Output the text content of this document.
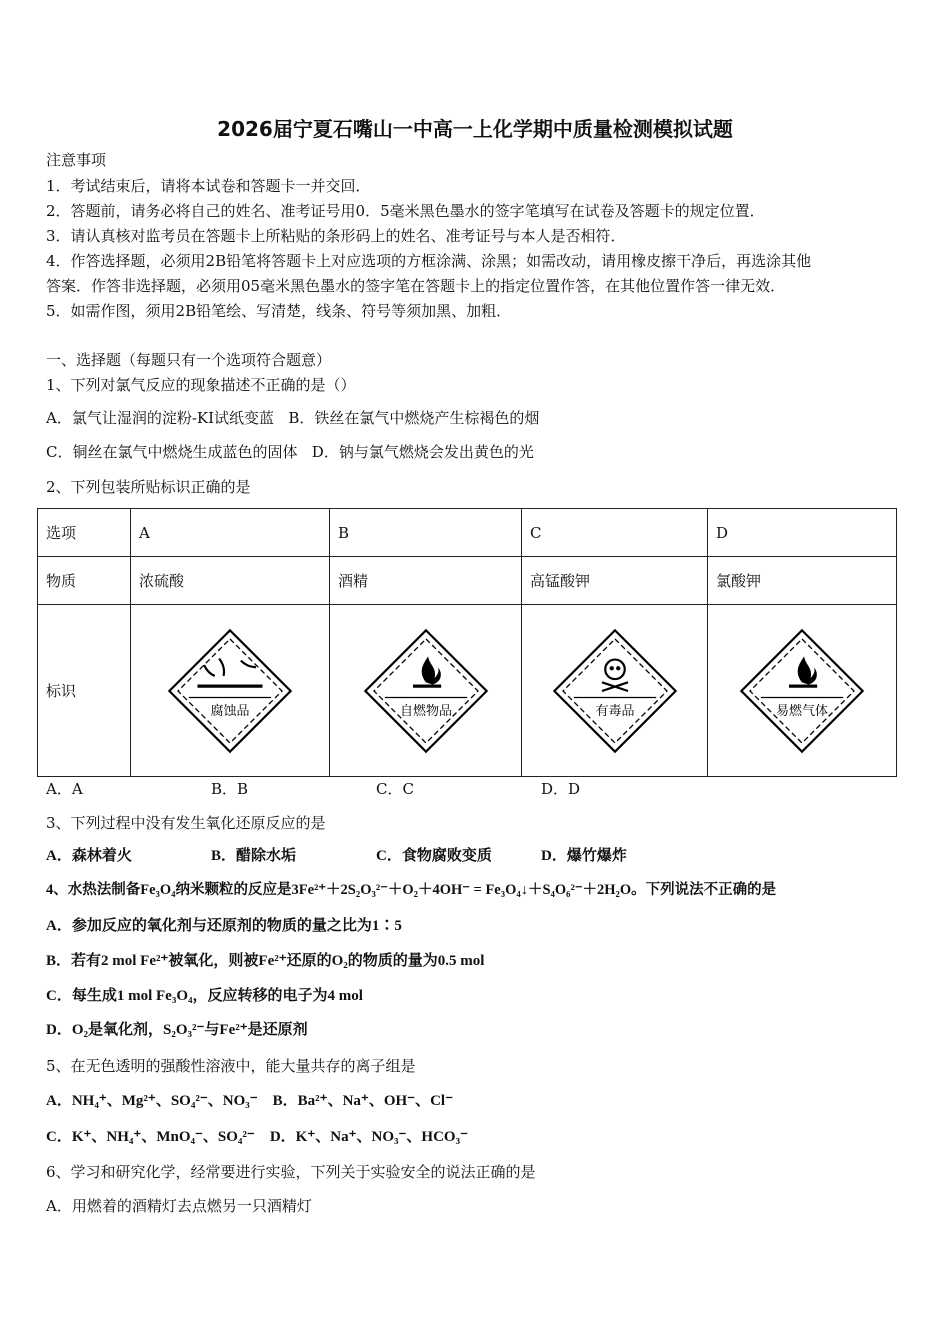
2026届宁夏石嘴山一中高一上化学期中质量检测模拟试题
注意事项
1．考试结束后，请将本试卷和答题卡一并交回．
2．答题前，请务必将自己的姓名、准考证号用0．5毫米黑色墨水的签字笔填写在试卷及答题卡的规定位置．
3．请认真核对监考员在答题卡上所粘贴的条形码上的姓名、准考证号与本人是否相符．
4．作答选择题，必须用2B铅笔将答题卡上对应选项的方框涂满、涂黑；如需改动，请用橡皮擦干净后，再选涂其他
答案．作答非选择题，必须用05毫米黑色墨水的签字笔在答题卡上的指定位置作答，在其他位置作答一律无效．
5．如需作图，须用2B铅笔绘、写清楚，线条、符号等须加黑、加粗．
一、选择题（每题只有一个选项符合题意）
1、下列对氯气反应的现象描述不正确的是（）
A．氯气让湿润的淀粉-KI试纸变蓝 B．铁丝在氯气中燃烧产生棕褐色的烟
C．铜丝在氯气中燃烧生成蓝色的固体 D．钠与氯气燃烧会发出黄色的光
2、下列包装所贴标识正确的是
选项	A	B	C	D
物质	浓硫酸	酒精	高锰酸钾	氯酸钾
标识	腐蚀品	自燃物品	有毒品	易燃气体
A．A	B．B	C．C	D．D
3、下列过程中没有发生氧化还原反应的是
A．森林着火	B．醋除水垢	C．食物腐败变质	D．爆竹爆炸
4、水热法制备Fe₃O₄纳米颗粒的反应是3Fe²⁺＋2S₂O₃²⁻＋O₂＋4OH⁻ = Fe₃O₄↓＋S₄O₆²⁻＋2H₂O。下列说法不正确的是
A．参加反应的氧化剂与还原剂的物质的量之比为1∶5
B．若有2 mol Fe²⁺被氧化，则被Fe²⁺还原的O₂的物质的量为0.5 mol
C．每生成1 mol Fe₃O₄，反应转移的电子为4 mol
D．O₂是氧化剂，S₂O₃²⁻与Fe²⁺是还原剂
5、在无色透明的强酸性溶液中，能大量共存的离子组是
A．NH₄⁺、Mg²⁺、SO₄²⁻、NO₃⁻ B．Ba²⁺、Na⁺、OH⁻、Cl⁻
C．K⁺、NH₄⁺、MnO₄⁻、SO₄²⁻ D．K⁺、Na⁺、NO₃⁻、HCO₃⁻
6、学习和研究化学，经常要进行实验，下列关于实验安全的说法正确的是
A．用燃着的酒精灯去点燃另一只酒精灯
